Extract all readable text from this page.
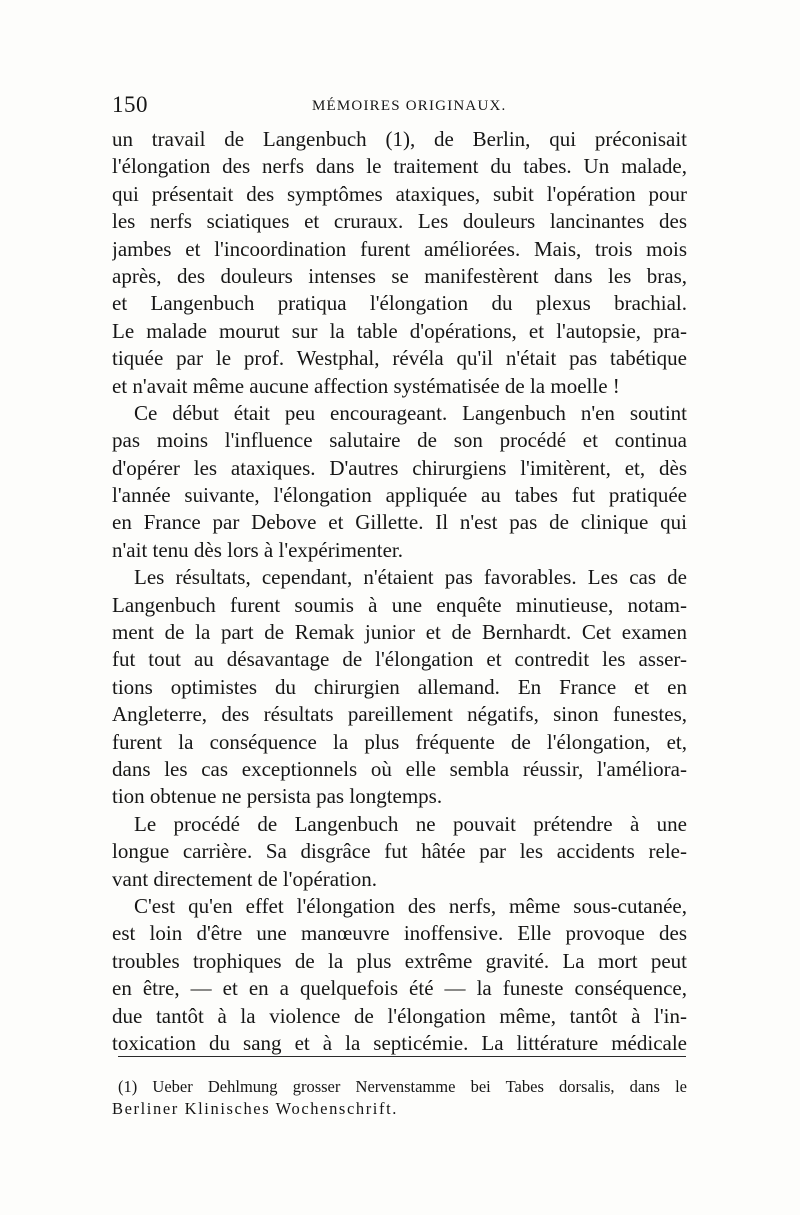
150	MÉMOIRES ORIGINAUX.
un travail de Langenbuch (1), de Berlin, qui préconisait
l'élongation des nerfs dans le traitement du tabes. Un malade,
qui présentait des symptômes ataxiques, subit l'opération pour
les nerfs sciatiques et cruraux. Les douleurs lancinantes des
jambes et l'incoordination furent améliorées. Mais, trois mois
après, des douleurs intenses se manifestèrent dans les bras,
et Langenbuch pratiqua l'élongation du plexus brachial.
Le malade mourut sur la table d'opérations, et l'autopsie, pra-
tiquée par le prof. Westphal, révéla qu'il n'était pas tabétique
et n'avait même aucune affection systématisée de la moelle !
Ce début était peu encourageant. Langenbuch n'en soutint
pas moins l'influence salutaire de son procédé et continua
d'opérer les ataxiques. D'autres chirurgiens l'imitèrent, et, dès
l'année suivante, l'élongation appliquée au tabes fut pratiquée
en France par Debove et Gillette. Il n'est pas de clinique qui
n'ait tenu dès lors à l'expérimenter.
Les résultats, cependant, n'étaient pas favorables. Les cas de
Langenbuch furent soumis à une enquête minutieuse, notam-
ment de la part de Remak junior et de Bernhardt. Cet examen
fut tout au désavantage de l'élongation et contredit les asser-
tions optimistes du chirurgien allemand. En France et en
Angleterre, des résultats pareillement négatifs, sinon funestes,
furent la conséquence la plus fréquente de l'élongation, et,
dans les cas exceptionnels où elle sembla réussir, l'améliora-
tion obtenue ne persista pas longtemps.
Le procédé de Langenbuch ne pouvait prétendre à une
longue carrière. Sa disgrâce fut hâtée par les accidents rele-
vant directement de l'opération.
C'est qu'en effet l'élongation des nerfs, même sous-cutanée,
est loin d'être une manœuvre inoffensive. Elle provoque des
troubles trophiques de la plus extrême gravité. La mort peut
en être, — et en a quelquefois été — la funeste conséquence,
due tantôt à la violence de l'élongation même, tantôt à l'in-
toxication du sang et à la septicémie. La littérature médicale
(1) Ueber Dehlmung grosser Nervenstamme bei Tabes dorsalis, dans le
Berliner Klinisches Wochenschrift.
